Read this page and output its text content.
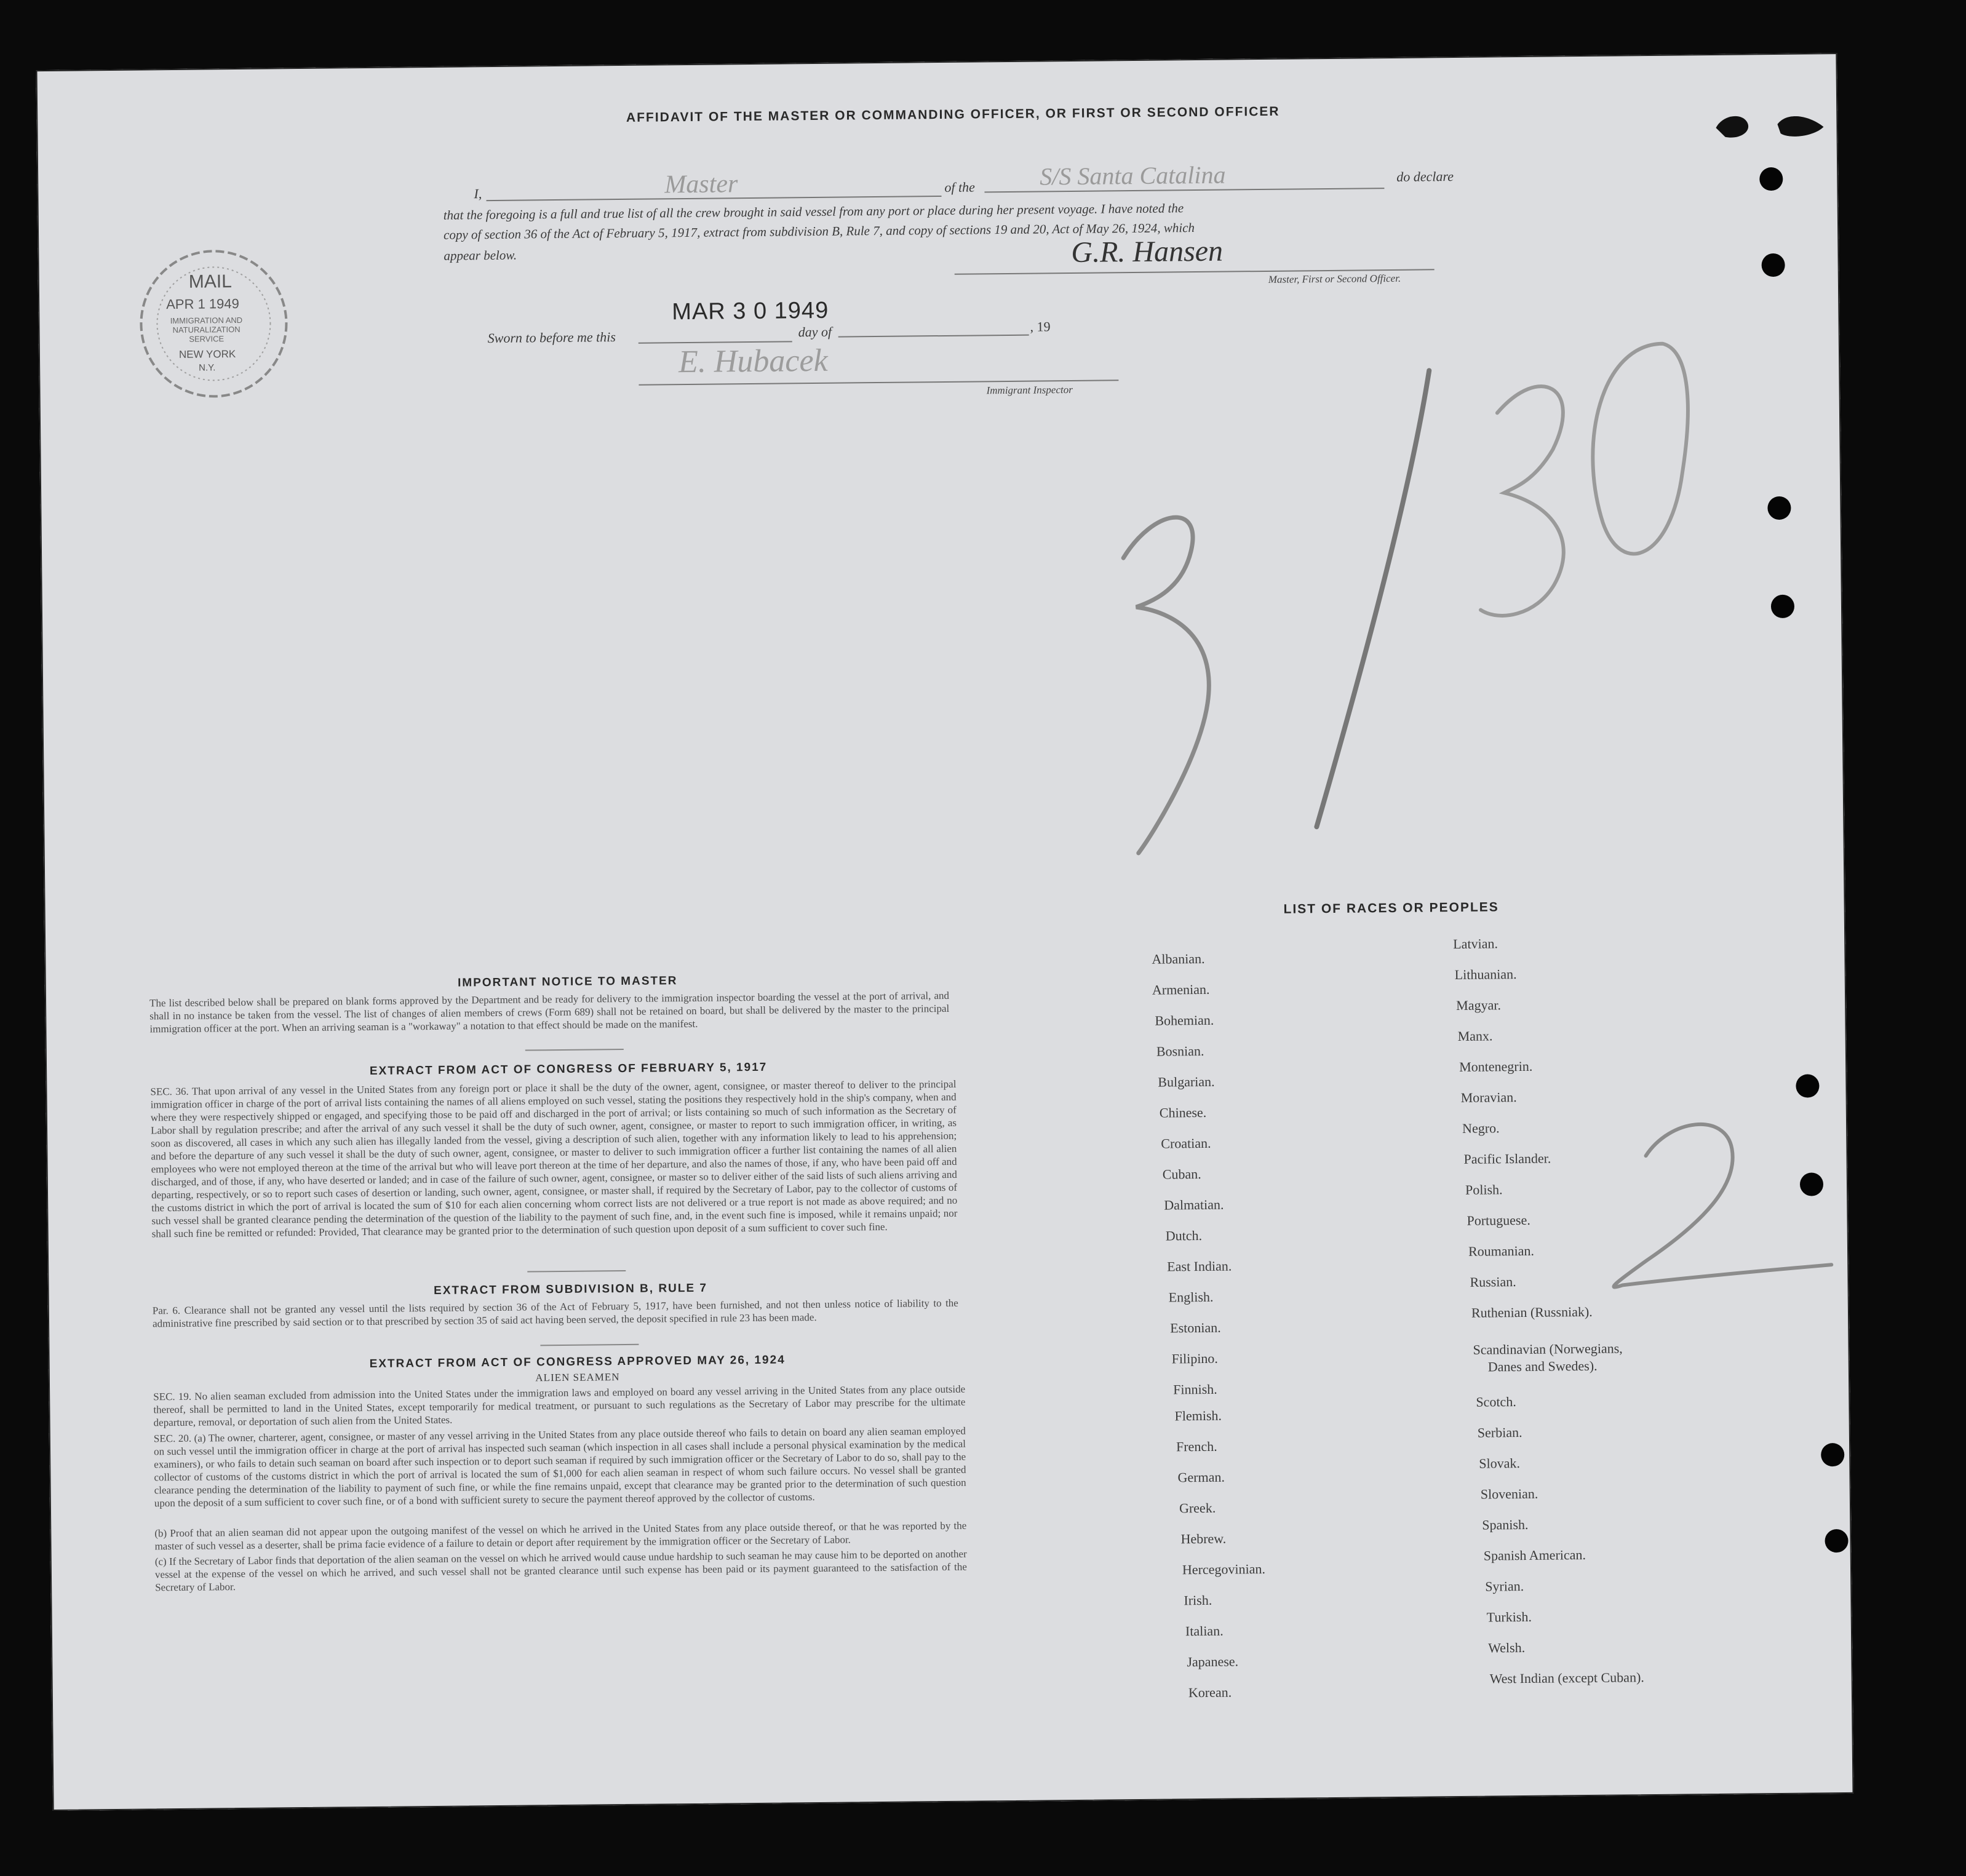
AFFIDAVIT OF THE MASTER OR COMMANDING OFFICER, OR FIRST OR SECOND OFFICER
I,	Master	of the	S/S Santa Catalina	do declare
that the foregoing is a full and true list of all the crew brought in said vessel from any port or place during her present voyage. I have noted the
copy of section 36 of the Act of February 5, 1917, extract from subdivision B, Rule 7, and copy of sections 19 and 20, Act of May 26, 1924, which
appear below.	G.R. Hansen
Master, First or Second Officer.
Sworn to before me this
MAR 3 0 1949
day of	, 19
E. Hubacek
Immigrant Inspector
MAIL
APR 1 1949
IMMIGRATION AND NATURALIZATION SERVICE
NEW YORK
N.Y.
IMPORTANT NOTICE TO MASTER
The list described below shall be prepared on blank forms approved by the Department and be ready for delivery to the immigration inspector boarding the vessel at the port of arrival, and shall in no instance be taken from the vessel. The list of changes of alien members of crews (Form 689) shall not be retained on board, but shall be delivered by the master to the principal immigration officer at the port. When an arriving seaman is a "workaway" a notation to that effect should be made on the manifest.
EXTRACT FROM ACT OF CONGRESS OF FEBRUARY 5, 1917
SEC. 36. That upon arrival of any vessel in the United States from any foreign port or place it shall be the duty of the owner, agent, consignee, or master thereof to deliver to the principal immigration officer in charge of the port of arrival lists containing the names of all aliens employed on such vessel, stating the positions they respectively hold in the ship's company, when and where they were respectively shipped or engaged, and specifying those to be paid off and discharged in the port of arrival; or lists containing so much of such information as the Secretary of Labor shall by regulation prescribe; and after the arrival of any such vessel it shall be the duty of such owner, agent, consignee, or master to report to such immigration officer, in writing, as soon as discovered, all cases in which any such alien has illegally landed from the vessel, giving a description of such alien, together with any information likely to lead to his apprehension; and before the departure of any such vessel it shall be the duty of such owner, agent, consignee, or master to deliver to such immigration officer a further list containing the names of all alien employees who were not employed thereon at the time of the arrival but who will leave port thereon at the time of her departure, and also the names of those, if any, who have been paid off and discharged, and of those, if any, who have deserted or landed; and in case of the failure of such owner, agent, consignee, or master so to deliver either of the said lists of such aliens arriving and departing, respectively, or so to report such cases of desertion or landing, such owner, agent, consignee, or master shall, if required by the Secretary of Labor, pay to the collector of customs of the customs district in which the port of arrival is located the sum of $10 for each alien concerning whom correct lists are not delivered or a true report is not made as above required; and no such vessel shall be granted clearance pending the determination of the question of the liability to the payment of such fine, and, in the event such fine is imposed, while it remains unpaid; nor shall such fine be remitted or refunded: Provided, That clearance may be granted prior to the determination of such question upon deposit of a sum sufficient to cover such fine.
EXTRACT FROM SUBDIVISION B, RULE 7
Par. 6. Clearance shall not be granted any vessel until the lists required by section 36 of the Act of February 5, 1917, have been furnished, and not then unless notice of liability to the administrative fine prescribed by said section or to that prescribed by section 35 of said act having been served, the deposit specified in rule 23 has been made.
EXTRACT FROM ACT OF CONGRESS APPROVED MAY 26, 1924
ALIEN SEAMEN
SEC. 19. No alien seaman excluded from admission into the United States under the immigration laws and employed on board any vessel arriving in the United States from any place outside thereof, shall be permitted to land in the United States, except temporarily for medical treatment, or pursuant to such regulations as the Secretary of Labor may prescribe for the ultimate departure, removal, or deportation of such alien from the United States.
SEC. 20. (a) The owner, charterer, agent, consignee, or master of any vessel arriving in the United States from any place outside thereof who fails to detain on board any alien seaman employed on such vessel until the immigration officer in charge at the port of arrival has inspected such seaman (which inspection in all cases shall include a personal physical examination by the medical examiners), or who fails to detain such seaman on board after such inspection or to deport such seaman if required by such immigration officer or the Secretary of Labor to do so, shall pay to the collector of customs of the customs district in which the port of arrival is located the sum of $1,000 for each alien seaman in respect of whom such failure occurs. No vessel shall be granted clearance pending the determination of the liability to payment of such fine, or while the fine remains unpaid, except that clearance may be granted prior to the determination of such question upon the deposit of a sum sufficient to cover such fine, or of a bond with sufficient surety to secure the payment thereof approved by the collector of customs.
(b) Proof that an alien seaman did not appear upon the outgoing manifest of the vessel on which he arrived in the United States from any place outside thereof, or that he was reported by the master of such vessel as a deserter, shall be prima facie evidence of a failure to detain or deport after requirement by the immigration officer or the Secretary of Labor.
(c) If the Secretary of Labor finds that deportation of the alien seaman on the vessel on which he arrived would cause undue hardship to such seaman he may cause him to be deported on another vessel at the expense of the vessel on which he arrived, and such vessel shall not be granted clearance until such expense has been paid or its payment guaranteed to the satisfaction of the Secretary of Labor.
LIST OF RACES OR PEOPLES
Albanian.
Armenian.
Bohemian.
Bosnian.
Bulgarian.
Chinese.
Croatian.
Cuban.
Dalmatian.
Dutch.
East Indian.
English.
Estonian.
Filipino.
Finnish.
Flemish.
French.
German.
Greek.
Hebrew.
Hercegovinian.
Irish.
Italian.
Japanese.
Korean.
Latvian.
Lithuanian.
Magyar.
Manx.
Montenegrin.
Moravian.
Negro.
Pacific Islander.
Polish.
Portuguese.
Roumanian.
Russian.
Ruthenian (Russniak).
Scandinavian (Norwegians,
Danes and Swedes).
Scotch.
Serbian.
Slovak.
Slovenian.
Spanish.
Spanish American.
Syrian.
Turkish.
Welsh.
West Indian (except Cuban).
